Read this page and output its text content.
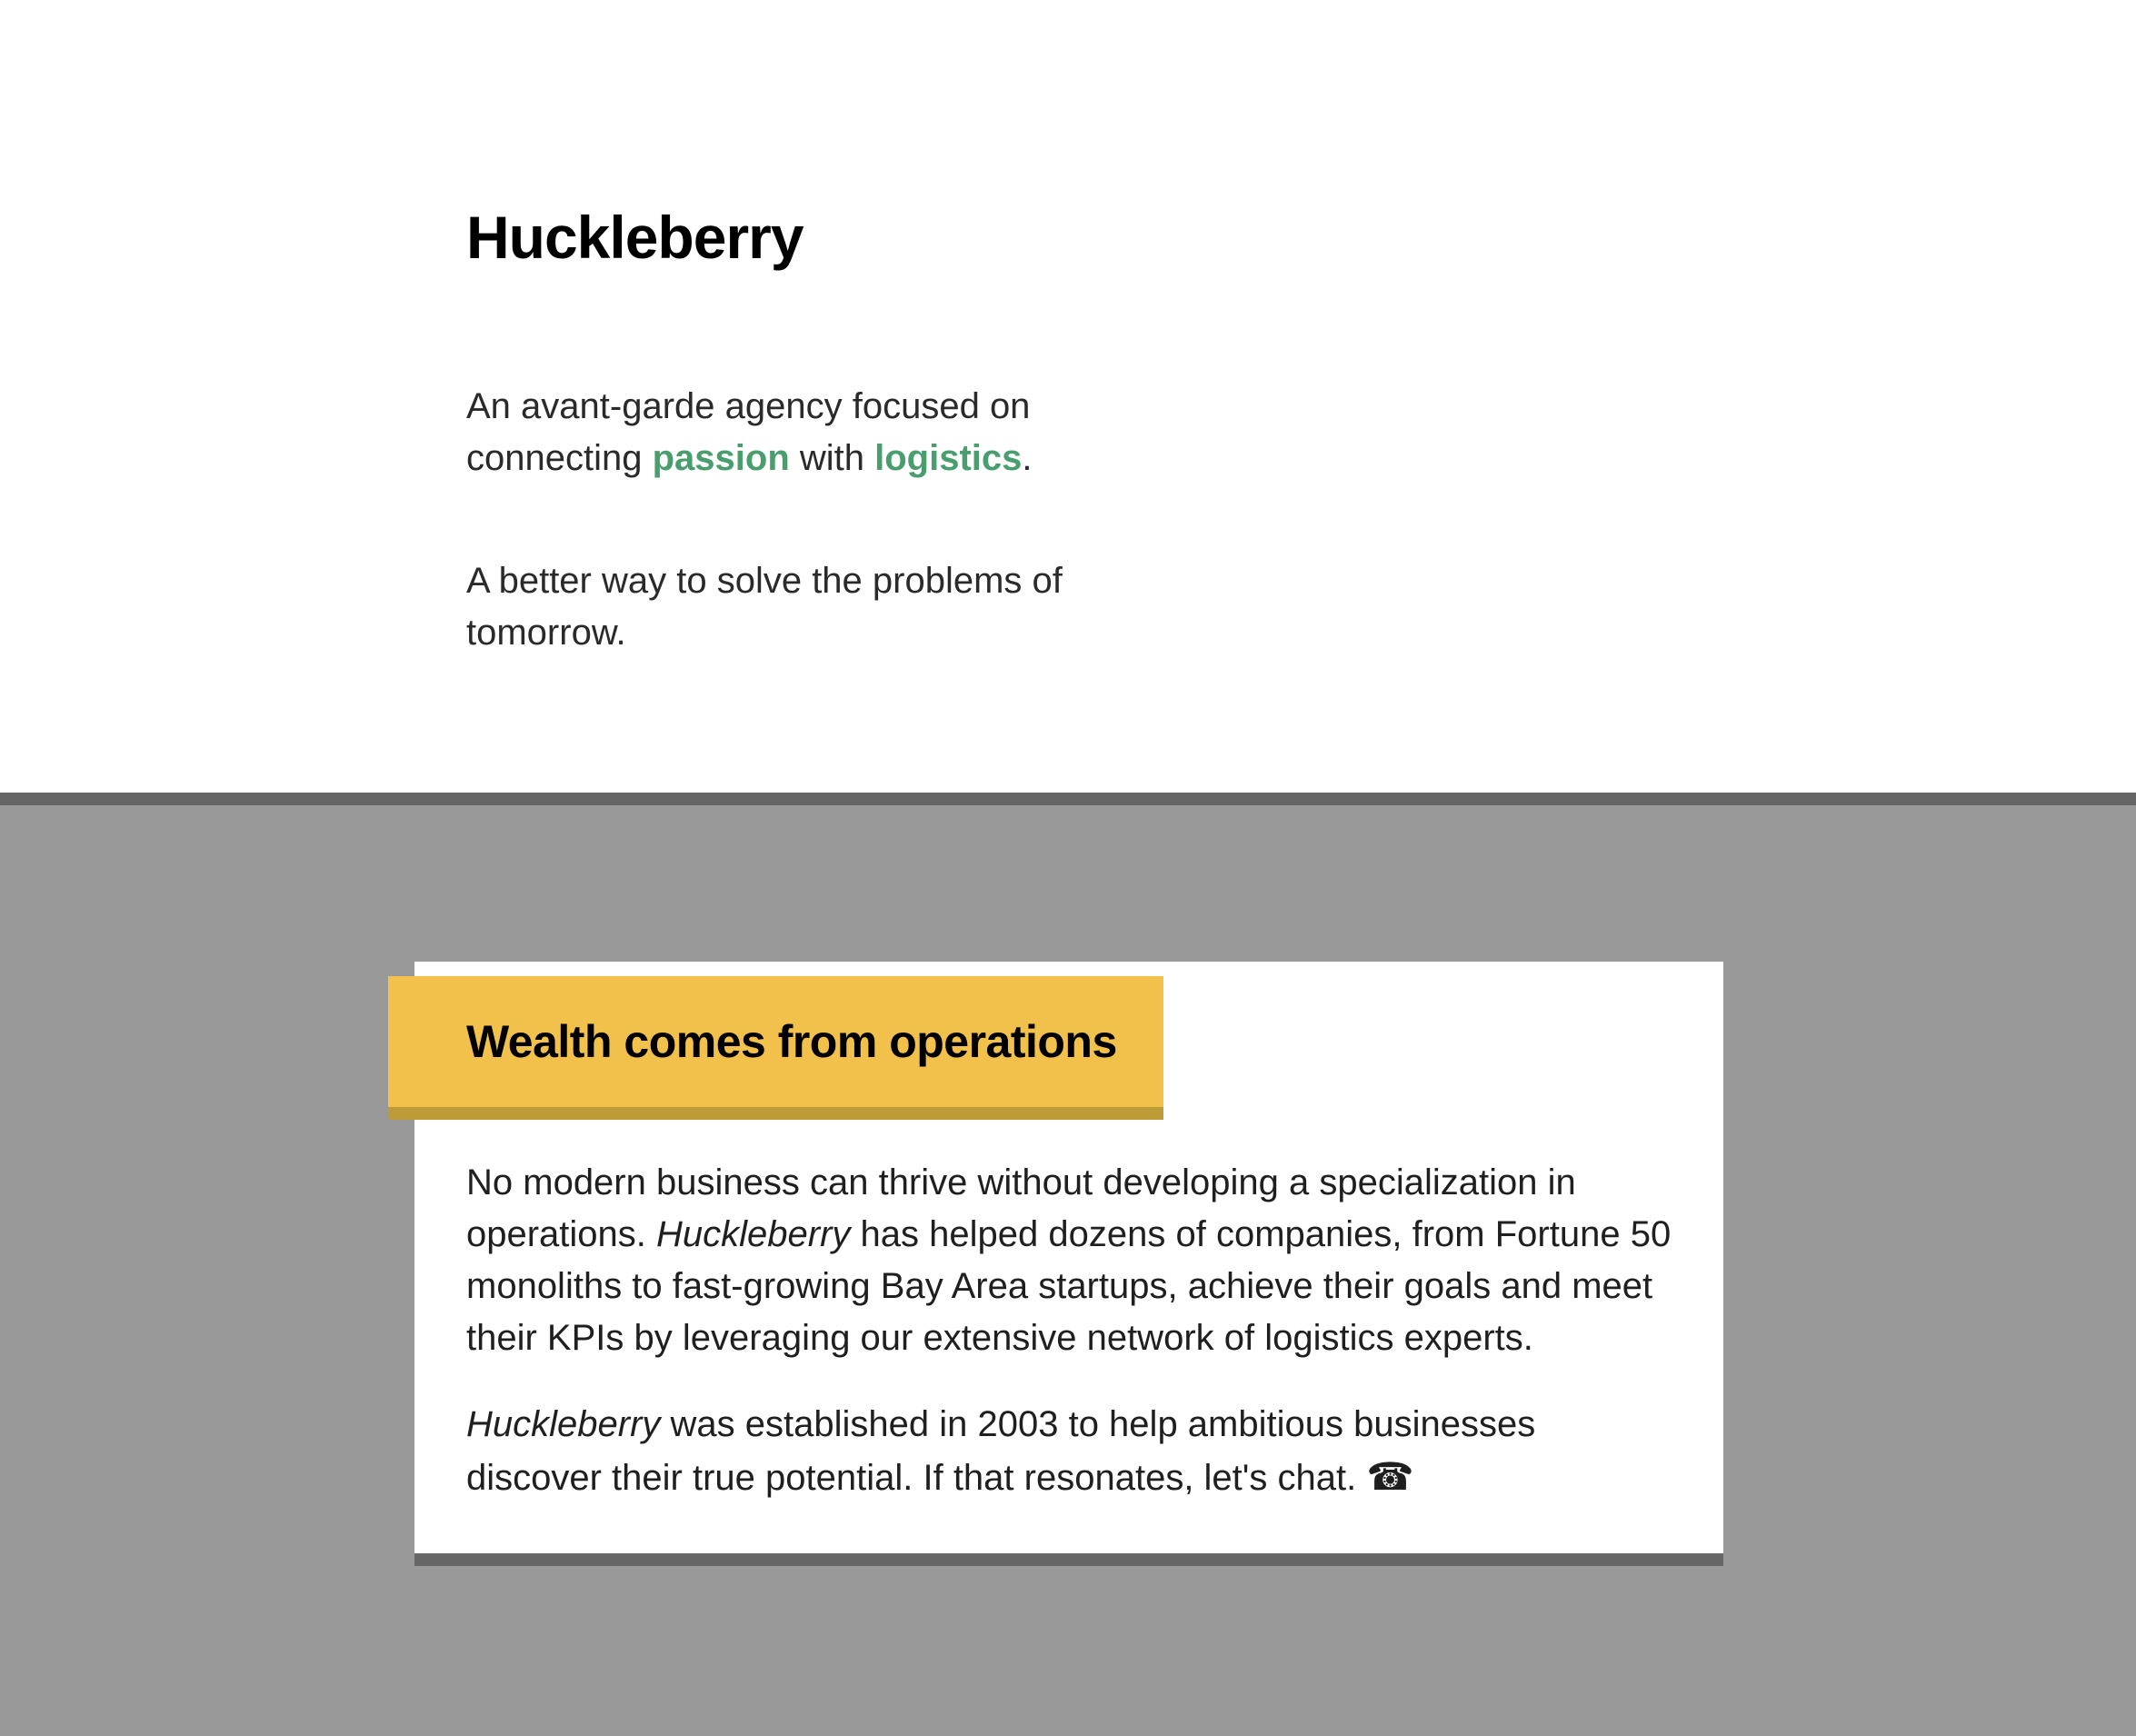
Huckleberry

An avant-garde agency focused on
connecting passion with logistics.

A better way to solve the problems of
tomorrow.

Wealth comes from operations

No modern business can thrive without developing a specialization in operations. Huckleberry has helped dozens of companies, from Fortune 50 monoliths to fast-growing Bay Area startups, achieve their goals and meet their KPIs by leveraging our extensive network of logistics experts.

Huckleberry was established in 2003 to help ambitious businesses discover their true potential. If that resonates, let's chat. ☎
